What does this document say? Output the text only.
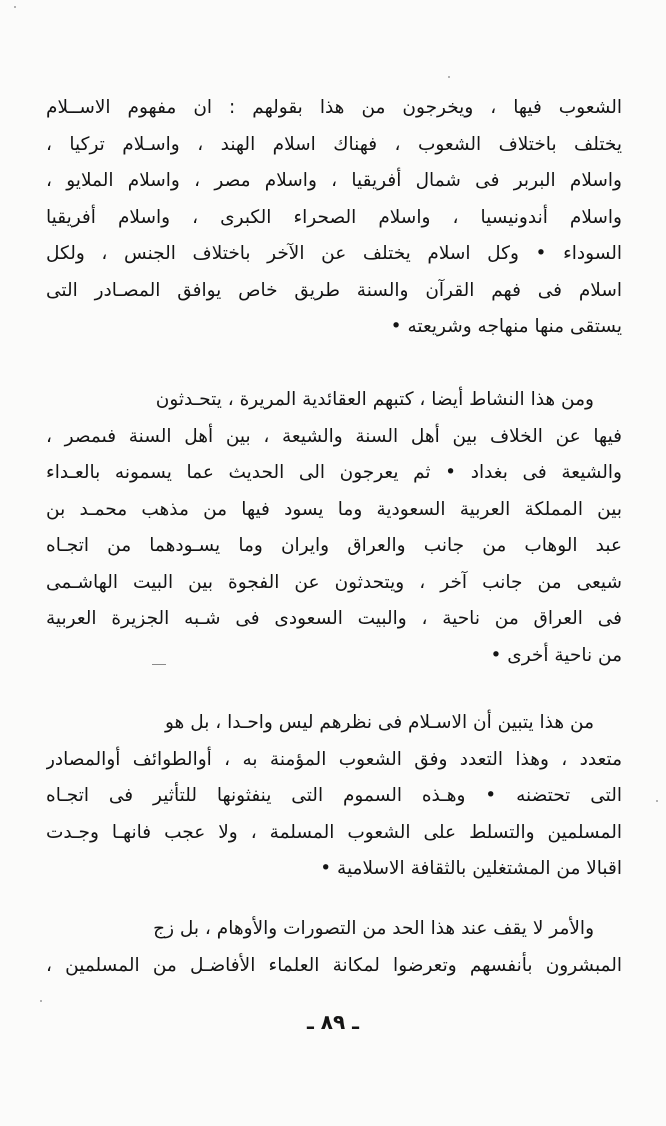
الشعوب فيها ، ويخرجون من هذا بقولهم : ان مفهوم الاســلام
يختلف باختلاف الشعوب ، فهناك اسلام الهند ، واسـلام تركيا ،
واسلام البربر فى شمال أفريقيا ، واسلام مصر ، واسلام الملايو ،
واسلام أندونيسيا ، واسلام الصحراء الكبرى ، واسلام أفريقيا
السوداء • وكل اسلام يختلف عن الآخر باختلاف الجنس ، ولكل
اسلام فى فهم القرآن والسنة طريق خاص يوافق المصـادر التى
يستقى منها منهاجه وشريعته •
ومن هذا النشاط أيضا ، كتبهم العقائدية المريرة ، يتحـدثون
فيها عن الخلاف بين أهل السنة والشيعة ، بين أهل السنة فىمصر ،
والشيعة فى بغداد • ثم يعرجون الى الحديث عما يسمونه بالعـداء
بين المملكة العربية السعودية وما يسود فيها من مذهب محمـد بن
عبد الوهاب من جانب والعراق وايران وما يسـودهما من اتجـاه
شيعى من جانب آخر ، ويتحدثون عن الفجوة بين البيت الهاشـمى
فى العراق من ناحية ، والبيت السعودى فى شـبه الجزيرة العربية
من ناحية أخرى •
من هذا يتبين أن الاسـلام فى نظرهم ليس واحـدا ، بل هو
متعدد ، وهذا التعدد وفق الشعوب المؤمنة به ، أوالطوائف أوالمصادر
التى تحتضنه • وهـذه السموم التى ينفثونها للتأثير فى اتجـاه
المسلمين والتسلط على الشعوب المسلمة ، ولا عجب فانهـا وجـدت
اقبالا من المشتغلين بالثقافة الاسلامية •
والأمر لا يقف عند هذا الحد من التصورات والأوهام ، بل زج
المبشرون بأنفسهم وتعرضوا لمكانة العلماء الأفاضـل من المسلمين ،
ـ ٨٩ ـ
